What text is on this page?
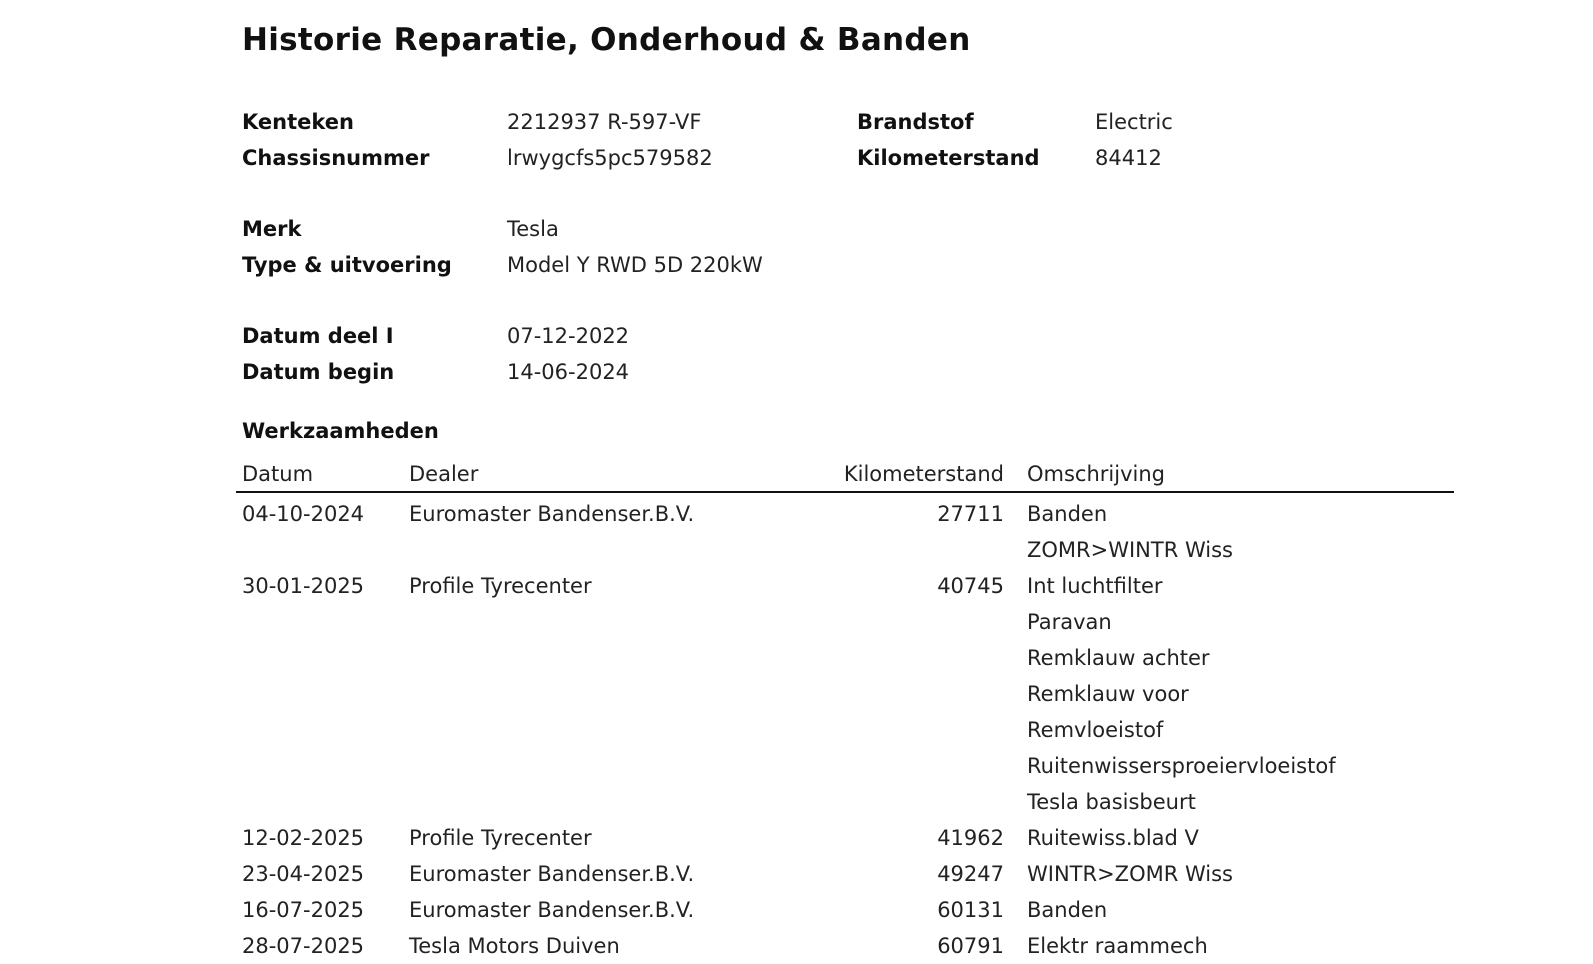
Historie Reparatie, Onderhoud & Banden
Kenteken	2212937 R-597-VF
Chassisnummer	lrwygcfs5pc579582
Brandstof	Electric
Kilometerstand	84412
Merk	Tesla
Type & uitvoering	Model Y RWD 5D 220kW
Datum deel I	07-12-2022
Datum begin	14-06-2024
Werkzaamheden
Datum	Dealer	Kilometerstand Omschrijving
04-10-2024 Euromaster Bandenser.B.V.	27711 Banden
ZOMR>WINTR Wiss
30-01-2025 Profile Tyrecenter	40745 Int luchtfilter
Paravan
Remklauw achter
Remklauw voor
Remvloeistof
Ruitenwissersproeiervloeistof
Tesla basisbeurt
12-02-2025 Profile Tyrecenter	41962 Ruitewiss.blad V
23-04-2025 Euromaster Bandenser.B.V.	49247 WINTR>ZOMR Wiss
16-07-2025 Euromaster Bandenser.B.V.	60131 Banden
28-07-2025 Tesla Motors Duiven	60791 Elektr raammech
